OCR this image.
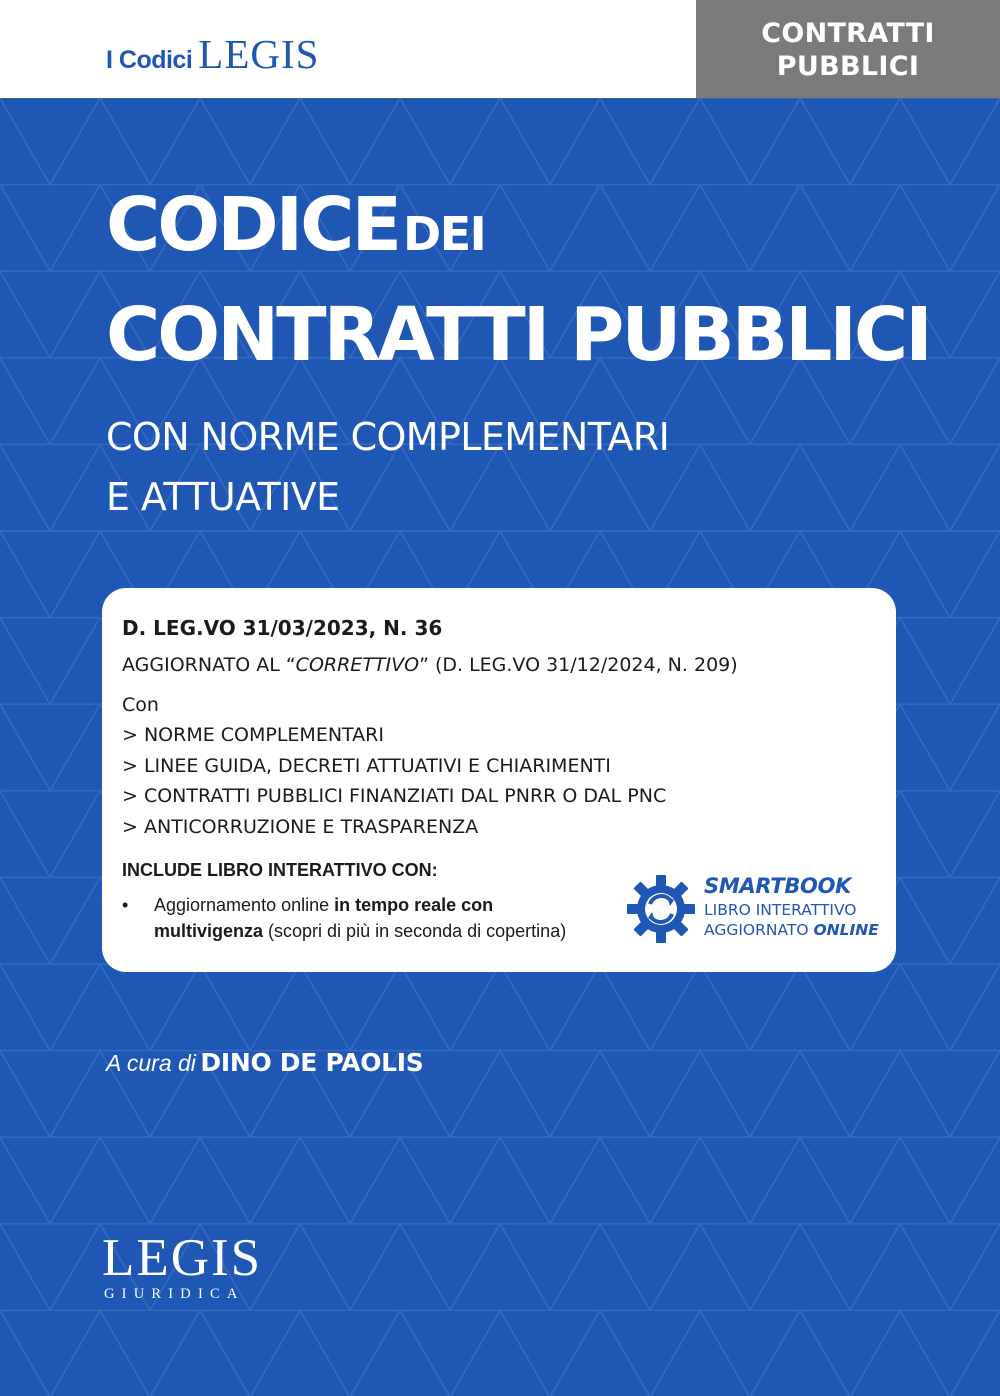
I Codici LEGIS	CONTRATTI
PUBBLICI
CODICEDEI
CONTRATTI PUBBLICI
CON NORME COMPLEMENTARI
E ATTUATIVE
D. LEG.VO 31/03/2023, N. 36
AGGIORNATO AL “CORRETTIVO” (D. LEG.VO 31/12/2024, N. 209)
Con
> NORME COMPLEMENTARI
> LINEE GUIDA, DECRETI ATTUATIVI E CHIARIMENTI
> CONTRATTI PUBBLICI FINANZIATI DAL PNRR O DAL PNC
> ANTICORRUZIONE E TRASPARENZA
INCLUDE LIBRO INTERATTIVO CON:
•	Aggiornamento online in tempo reale con multivigenza (scopri di più in seconda di copertina)
SMARTBOOK
LIBRO INTERATTIVO
AGGIORNATO ONLINE
A cura di DINO DE PAOLIS
LEGIS
GIURIDICA
